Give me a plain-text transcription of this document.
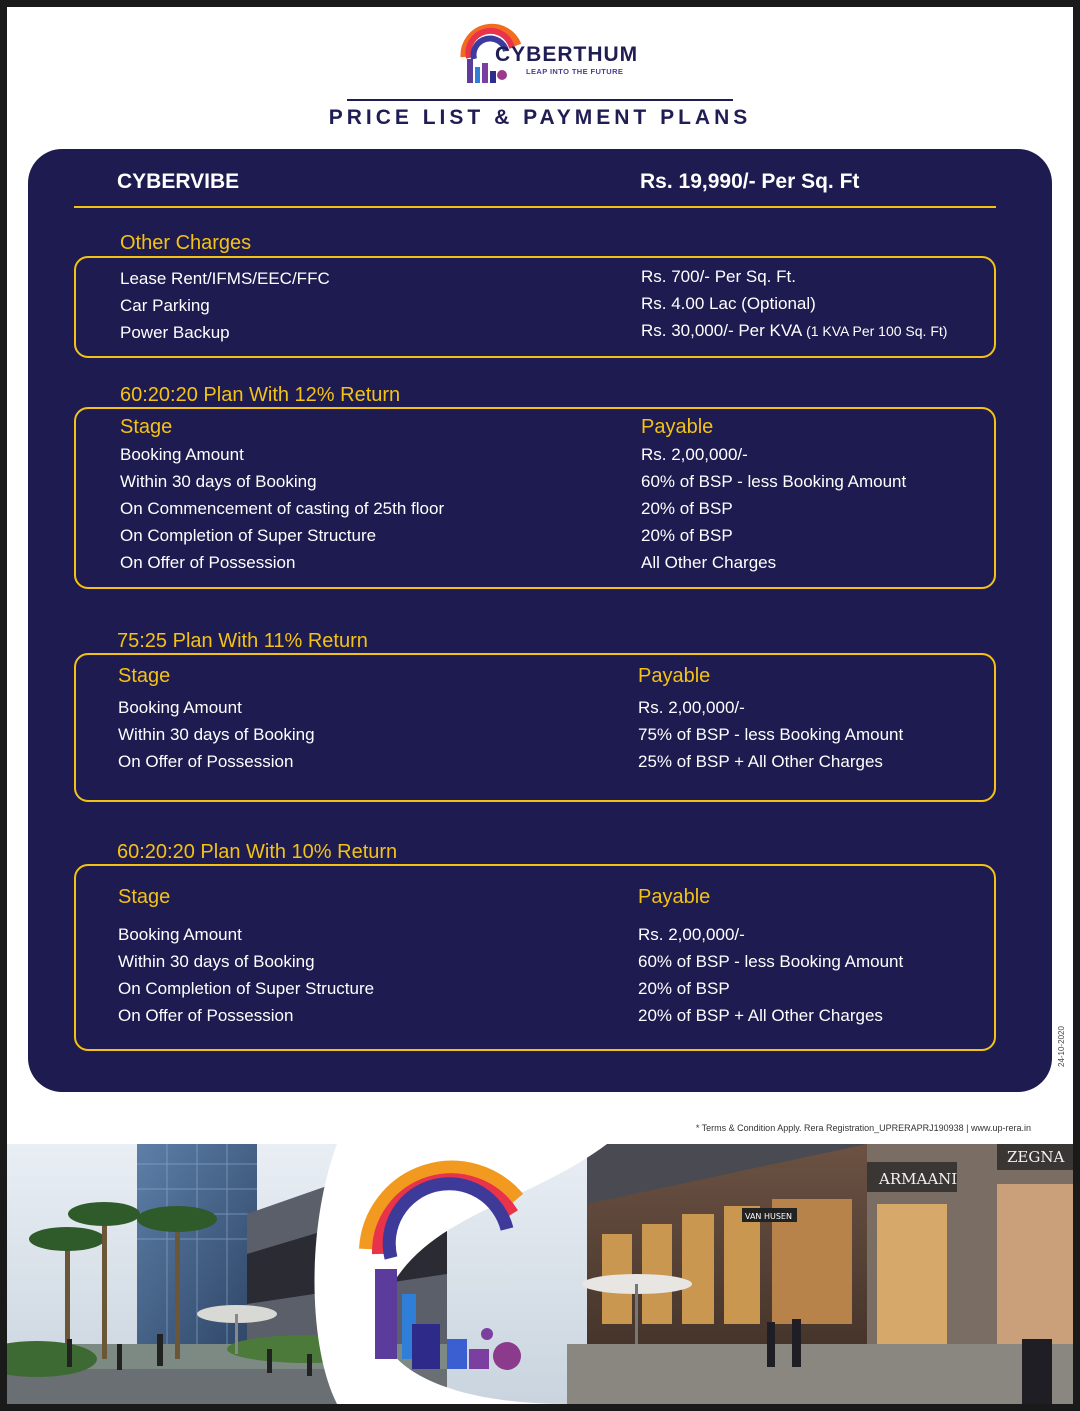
CYBERTHUM
LEAP INTO THE FUTURE
PRICE LIST & PAYMENT PLANS
CYBERVIBE	Rs. 19,990/- Per Sq. Ft
Other Charges
Lease Rent/IFMS/EEC/FFC
Car Parking
Power Backup
Rs. 700/- Per Sq. Ft.
Rs. 4.00 Lac (Optional)
Rs. 30,000/- Per KVA (1 KVA Per 100 Sq. Ft)
60:20:20 Plan With 12% Return
Stage
Booking Amount
Within 30 days of Booking
On Commencement of casting of 25th floor
On Completion of Super Structure
On Offer of Possession
Payable
Rs. 2,00,000/-
60% of BSP - less Booking Amount
20% of BSP
20% of BSP
All Other Charges
75:25 Plan With 11% Return
Stage
Booking Amount
Within 30 days of Booking
On Offer of Possession
Payable
Rs. 2,00,000/-
75% of BSP - less Booking Amount
25% of BSP + All Other Charges
60:20:20 Plan With 10% Return
Stage
Booking Amount
Within 30 days of Booking
On Completion of Super Structure
On Offer of Possession
Payable
Rs. 2,00,000/-
60% of BSP - less Booking Amount
20% of BSP
20% of BSP + All Other Charges
24-10-2020
* Terms & Condition Apply. Rera Registration_UPRERAPRJ190938 | www.up-rera.in
ARMAANI
ZEGNA
VAN HUSEN
